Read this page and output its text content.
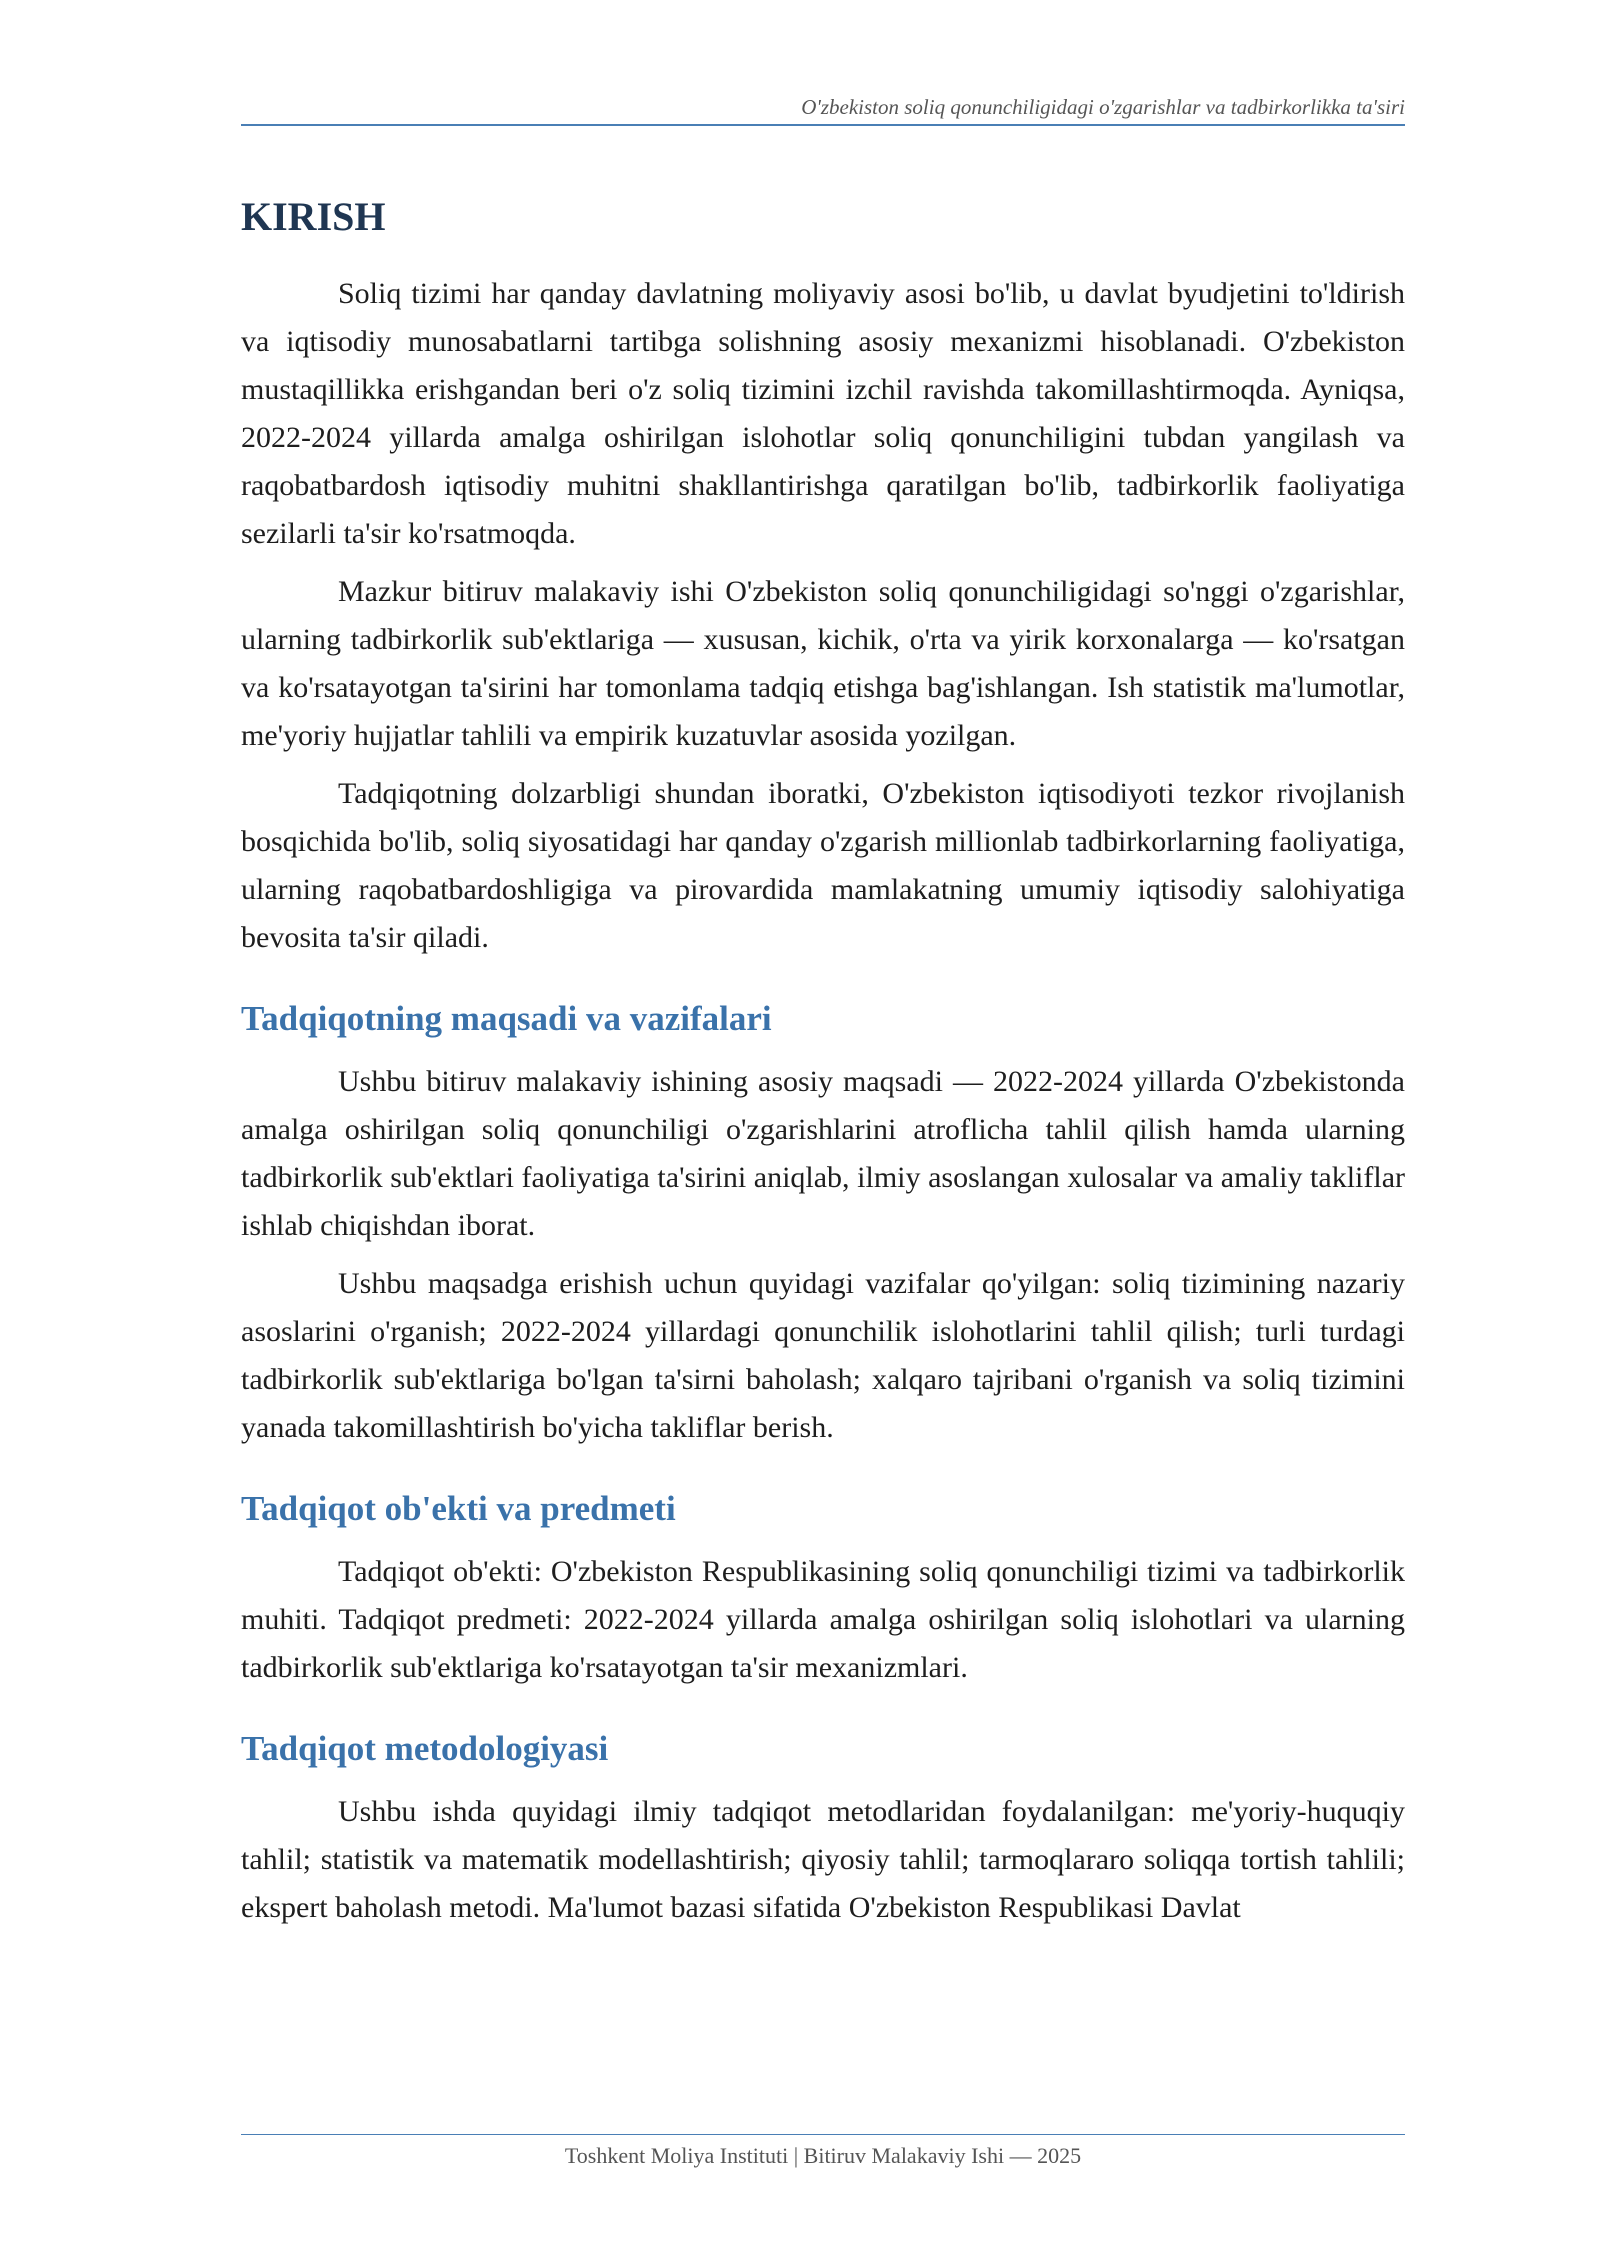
O'zbekiston soliq qonunchiligidagi o'zgarishlar va tadbirkorlikka ta'siri
KIRISH

Soliq tizimi har qanday davlatning moliyaviy asosi bo'lib, u davlat byudjetini to'ldirish va iqtisodiy munosabatlarni tartibga solishning asosiy mexanizmi hisoblanadi. O'zbekiston mustaqillikka erishgandan beri o'z soliq tizimini izchil ravishda takomillashtirmoqda. Ayniqsa, 2022-2024 yillarda amalga oshirilgan islohotlar soliq qonunchiligini tubdan yangilash va raqobatbardosh iqtisodiy muhitni shakllantirishga qaratilgan bo'lib, tadbirkorlik faoliyatiga sezilarli ta'sir ko'rsatmoqda.

Mazkur bitiruv malakaviy ishi O'zbekiston soliq qonunchiligidagi so'nggi o'zgarishlar, ularning tadbirkorlik sub'ektlariga — xususan, kichik, o'rta va yirik korxonalarga — ko'rsatgan va ko'rsatayotgan ta'sirini har tomonlama tadqiq etishga bag'ishlangan. Ish statistik ma'lumotlar, me'yoriy hujjatlar tahlili va empirik kuzatuvlar asosida yozilgan.

Tadqiqotning dolzarbligi shundan iboratki, O'zbekiston iqtisodiyoti tezkor rivojlanish bosqichida bo'lib, soliq siyosatidagi har qanday o'zgarish millionlab tadbirkorlarning faoliyatiga, ularning raqobatbardoshligiga va pirovardida mamlakatning umumiy iqtisodiy salohiyatiga bevosita ta'sir qiladi.

Tadqiqotning maqsadi va vazifalari

Ushbu bitiruv malakaviy ishining asosiy maqsadi — 2022-2024 yillarda O'zbekistonda amalga oshirilgan soliq qonunchiligi o'zgarishlarini atroflicha tahlil qilish hamda ularning tadbirkorlik sub'ektlari faoliyatiga ta'sirini aniqlab, ilmiy asoslangan xulosalar va amaliy takliflar ishlab chiqishdan iborat.

Ushbu maqsadga erishish uchun quyidagi vazifalar qo'yilgan: soliq tizimining nazariy asoslarini o'rganish; 2022-2024 yillardagi qonunchilik islohotlarini tahlil qilish; turli turdagi tadbirkorlik sub'ektlariga bo'lgan ta'sirni baholash; xalqaro tajribani o'rganish va soliq tizimini yanada takomillashtirish bo'yicha takliflar berish.

Tadqiqot ob'ekti va predmeti

Tadqiqot ob'ekti: O'zbekiston Respublikasining soliq qonunchiligi tizimi va tadbirkorlik muhiti. Tadqiqot predmeti: 2022-2024 yillarda amalga oshirilgan soliq islohotlari va ularning tadbirkorlik sub'ektlariga ko'rsatayotgan ta'sir mexanizmlari.

Tadqiqot metodologiyasi

Ushbu ishda quyidagi ilmiy tadqiqot metodlaridan foydalanilgan: me'yoriy-huquqiy tahlil; statistik va matematik modellashtirish; qiyosiy tahlil; tarmoqlararo soliqqa tortish tahlili; ekspert baholash metodi. Ma'lumot bazasi sifatida O'zbekiston Respublikasi Davlat

Toshkent Moliya Instituti | Bitiruv Malakaviy Ishi — 2025
